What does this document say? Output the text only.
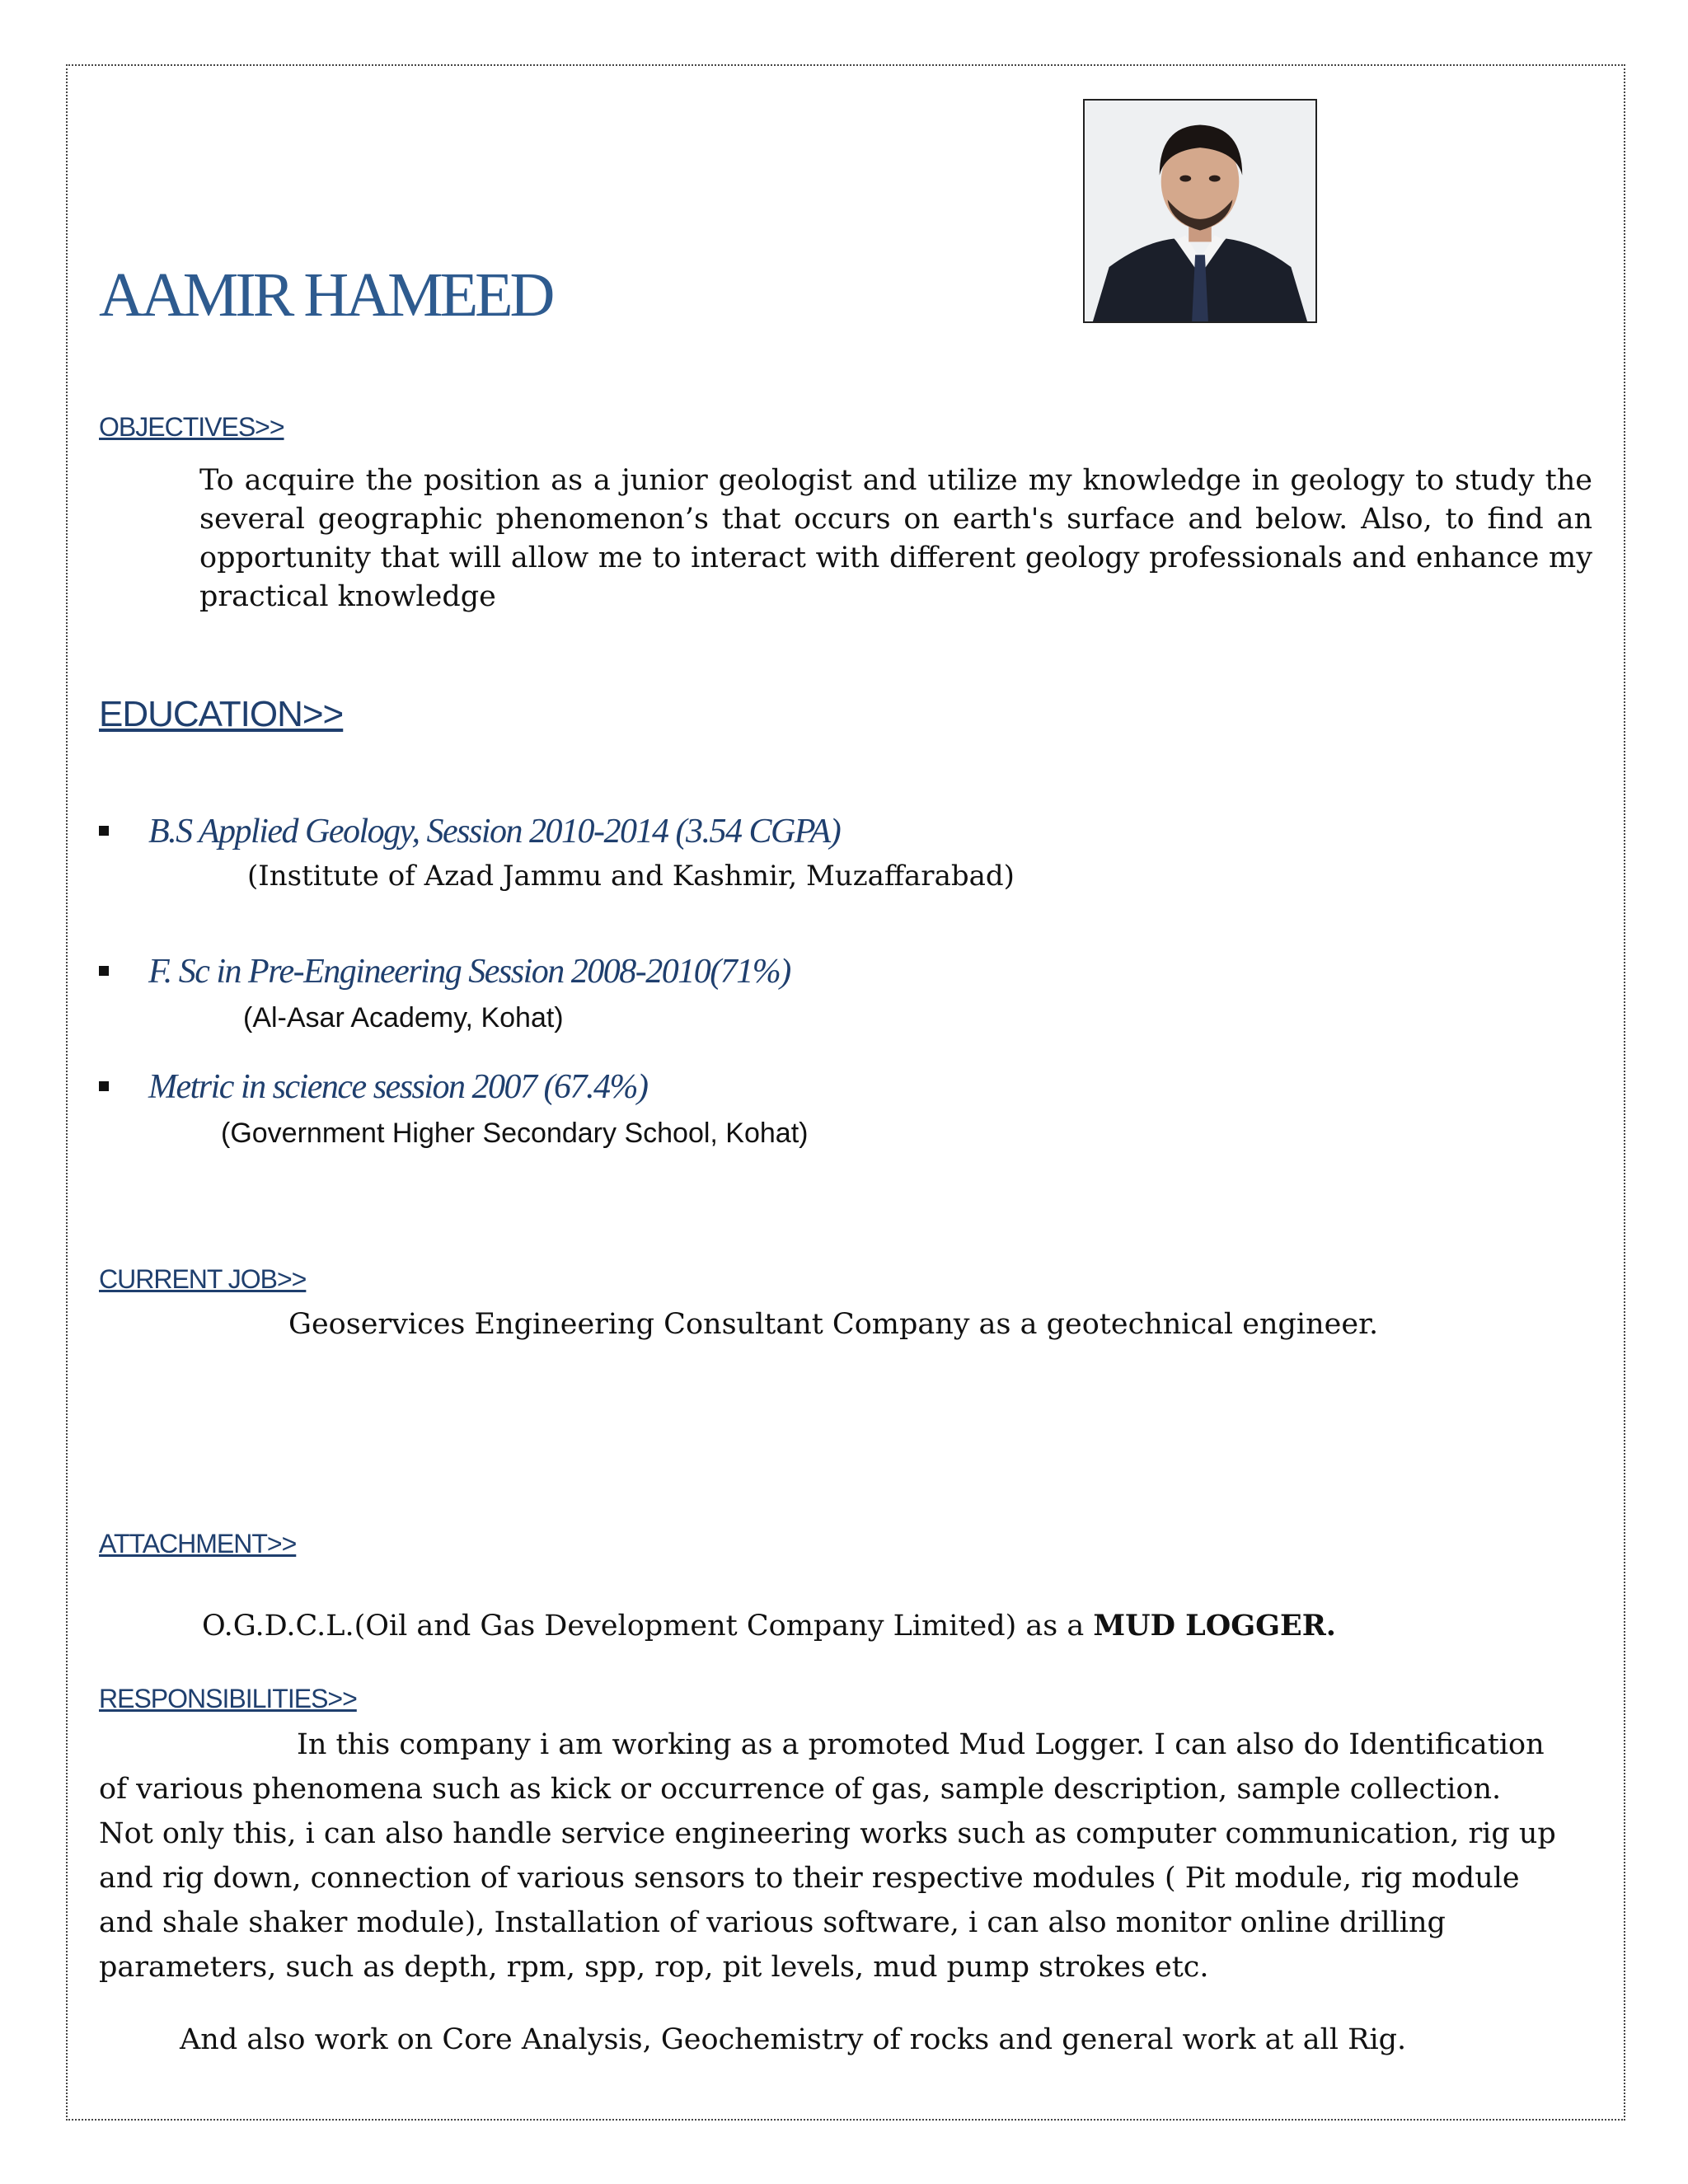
AAMIR HAMEED
OBJECTIVES>>

To acquire the position as a junior geologist and utilize my knowledge in geology to study the several geographic phenomenon’s that occurs on earth's surface and below. Also, to find an opportunity that will allow me to interact with different geology professionals and enhance my practical knowledge

EDUCATION>>
B.S Applied Geology, Session 2010-2014 (3.54 CGPA)
(Institute of Azad Jammu and Kashmir, Muzaffarabad)
F. Sc in Pre-Engineering Session 2008-2010(71%)
(Al-Asar Academy, Kohat)
Metric in science session 2007 (67.4%)
(Government Higher Secondary School, Kohat)
CURRENT JOB>>
Geoservices Engineering Consultant Company as a geotechnical engineer.
ATTACHMENT>>
O.G.D.C.L.(Oil and Gas Development Company Limited) as a MUD LOGGER.
RESPONSIBILITIES>>

In this company i am working as a promoted Mud Logger. I can also do Identification of various phenomena such as kick or occurrence of gas, sample description, sample collection. Not only this, i can also handle service engineering works such as computer communication, rig up and rig down, connection of various sensors to their respective modules ( Pit module, rig module and shale shaker module), Installation of various software, i can also monitor online drilling parameters, such as depth, rpm, spp, rop, pit levels, mud pump strokes etc.

And also work on Core Analysis, Geochemistry of rocks and general work at all Rig.
